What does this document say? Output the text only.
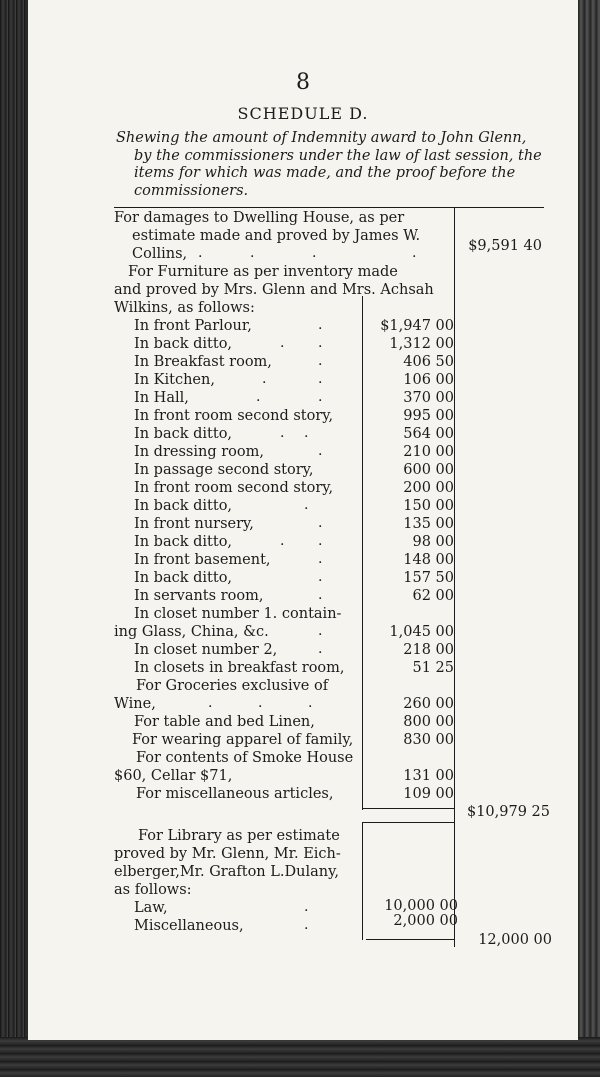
8
SCHEDULE D.
Shewing the amount of Indemnity award to John Glenn,
by the commissioners under the law of last session, the
items for which was made, and the proof before the
commissioners.
For damages to Dwelling House, as per
estimate made and proved by James W.
Collins, .	.	.	.	$9,591 40
For Furniture as per inventory made
and proved by Mrs. Glenn and Mrs. Achsah
Wilkins, as follows:
In front Parlour,	$1,947 00
In back ditto,	1,312 00
In Breakfast room,	406 50
In Kitchen,	106 00
In Hall,	370 00
In front room second story,	995 00
In back ditto,	564 00
In dressing room,	210 00
In passage second story,	600 00
In front room second story,	200 00
In back ditto,	150 00
In front nursery,	135 00
In back ditto,	98 00
In front basement,	148 00
In back ditto,	157 50
In servants room,	62 00
.
. .
.
.	.
.	.
. .
.
.
.
. .
.
.
.
In closet number 1. contain-
ing Glass, China, &c.	.	1,045 00
In closet number 2,	.	218 00
In closets in breakfast room,	51 25
For Groceries exclusive of
Wine,	.	.	.	260 00
For table and bed Linen,	800 00
For wearing apparel of family,	830 00
For contents of Smoke House
$60, Cellar $71,	131 00
For miscellaneous articles,	109 00
$10,979 25
For Library as per estimate
proved by Mr. Glenn, Mr. Eich-
elberger,Mr. Grafton L.Dulany,
as follows:
Law,	.	10,000 00
Miscellaneous,	.	2,000 00
12,000 00
